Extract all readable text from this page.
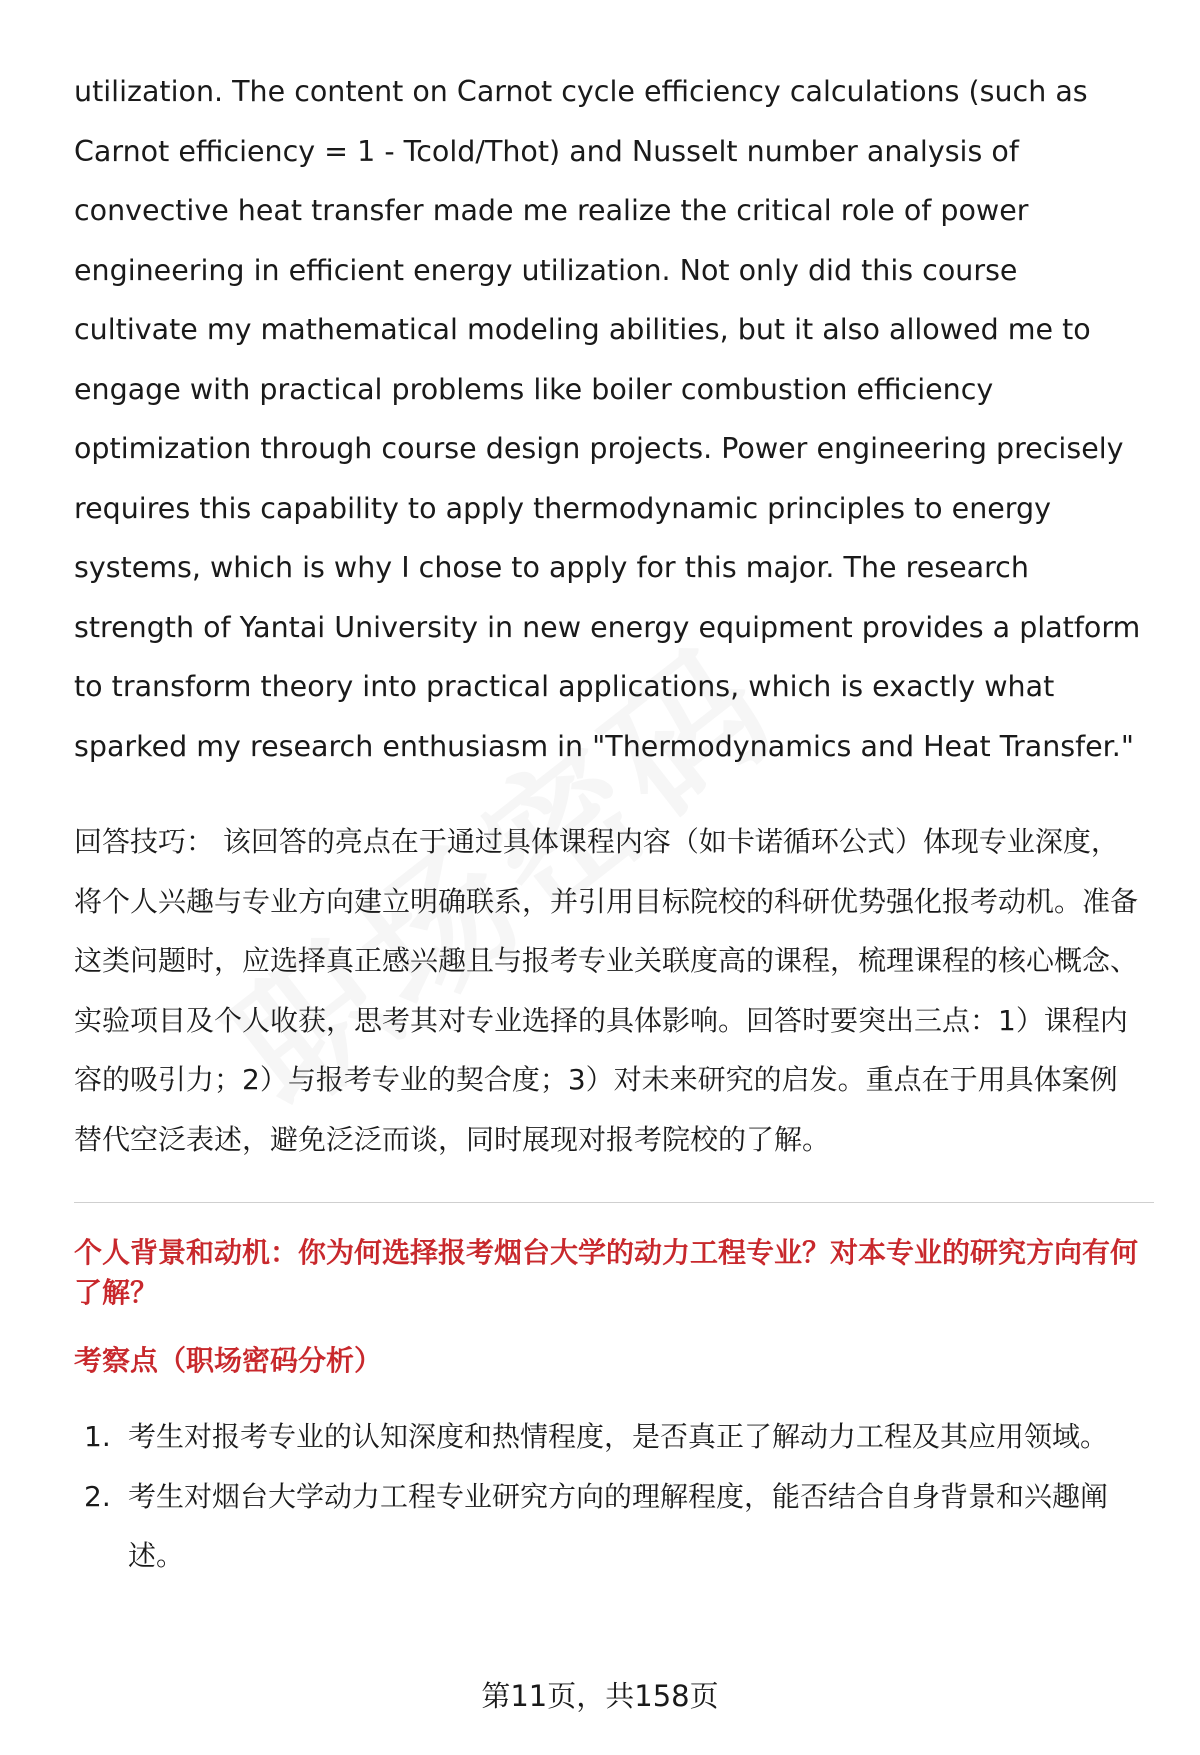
utilization. The content on Carnot cycle efficiency calculations (such as Carnot efficiency = 1 - Tcold/Thot) and Nusselt number analysis of convective heat transfer made me realize the critical role of power engineering in efficient energy utilization. Not only did this course cultivate my mathematical modeling abilities, but it also allowed me to engage with practical problems like boiler combustion efficiency optimization through course design projects. Power engineering precisely requires this capability to apply thermodynamic principles to energy systems, which is why I chose to apply for this major. The research strength of Yantai University in new energy equipment provides a platform to transform theory into practical applications, which is exactly what sparked my research enthusiasm in "Thermodynamics and Heat Transfer."

回答技巧： 该回答的亮点在于通过具体课程内容（如卡诺循环公式）体现专业深度，将个人兴趣与专业方向建立明确联系，并引用目标院校的科研优势强化报考动机。准备这类问题时，应选择真正感兴趣且与报考专业关联度高的课程，梳理课程的核心概念、实验项目及个人收获，思考其对专业选择的具体影响。回答时要突出三点：1）课程内容的吸引力；2）与报考专业的契合度；3）对未来研究的启发。重点在于用具体案例替代空泛表述，避免泛泛而谈，同时展现对报考院校的了解。

个人背景和动机：你为何选择报考烟台大学的动力工程专业？对本专业的研究方向有何了解？

考察点（职场密码分析）

1. 考生对报考专业的认知深度和热情程度，是否真正了解动力工程及其应用领域。
2. 考生对烟台大学动力工程专业研究方向的理解程度，能否结合自身背景和兴趣阐述。
第11页，共158页
